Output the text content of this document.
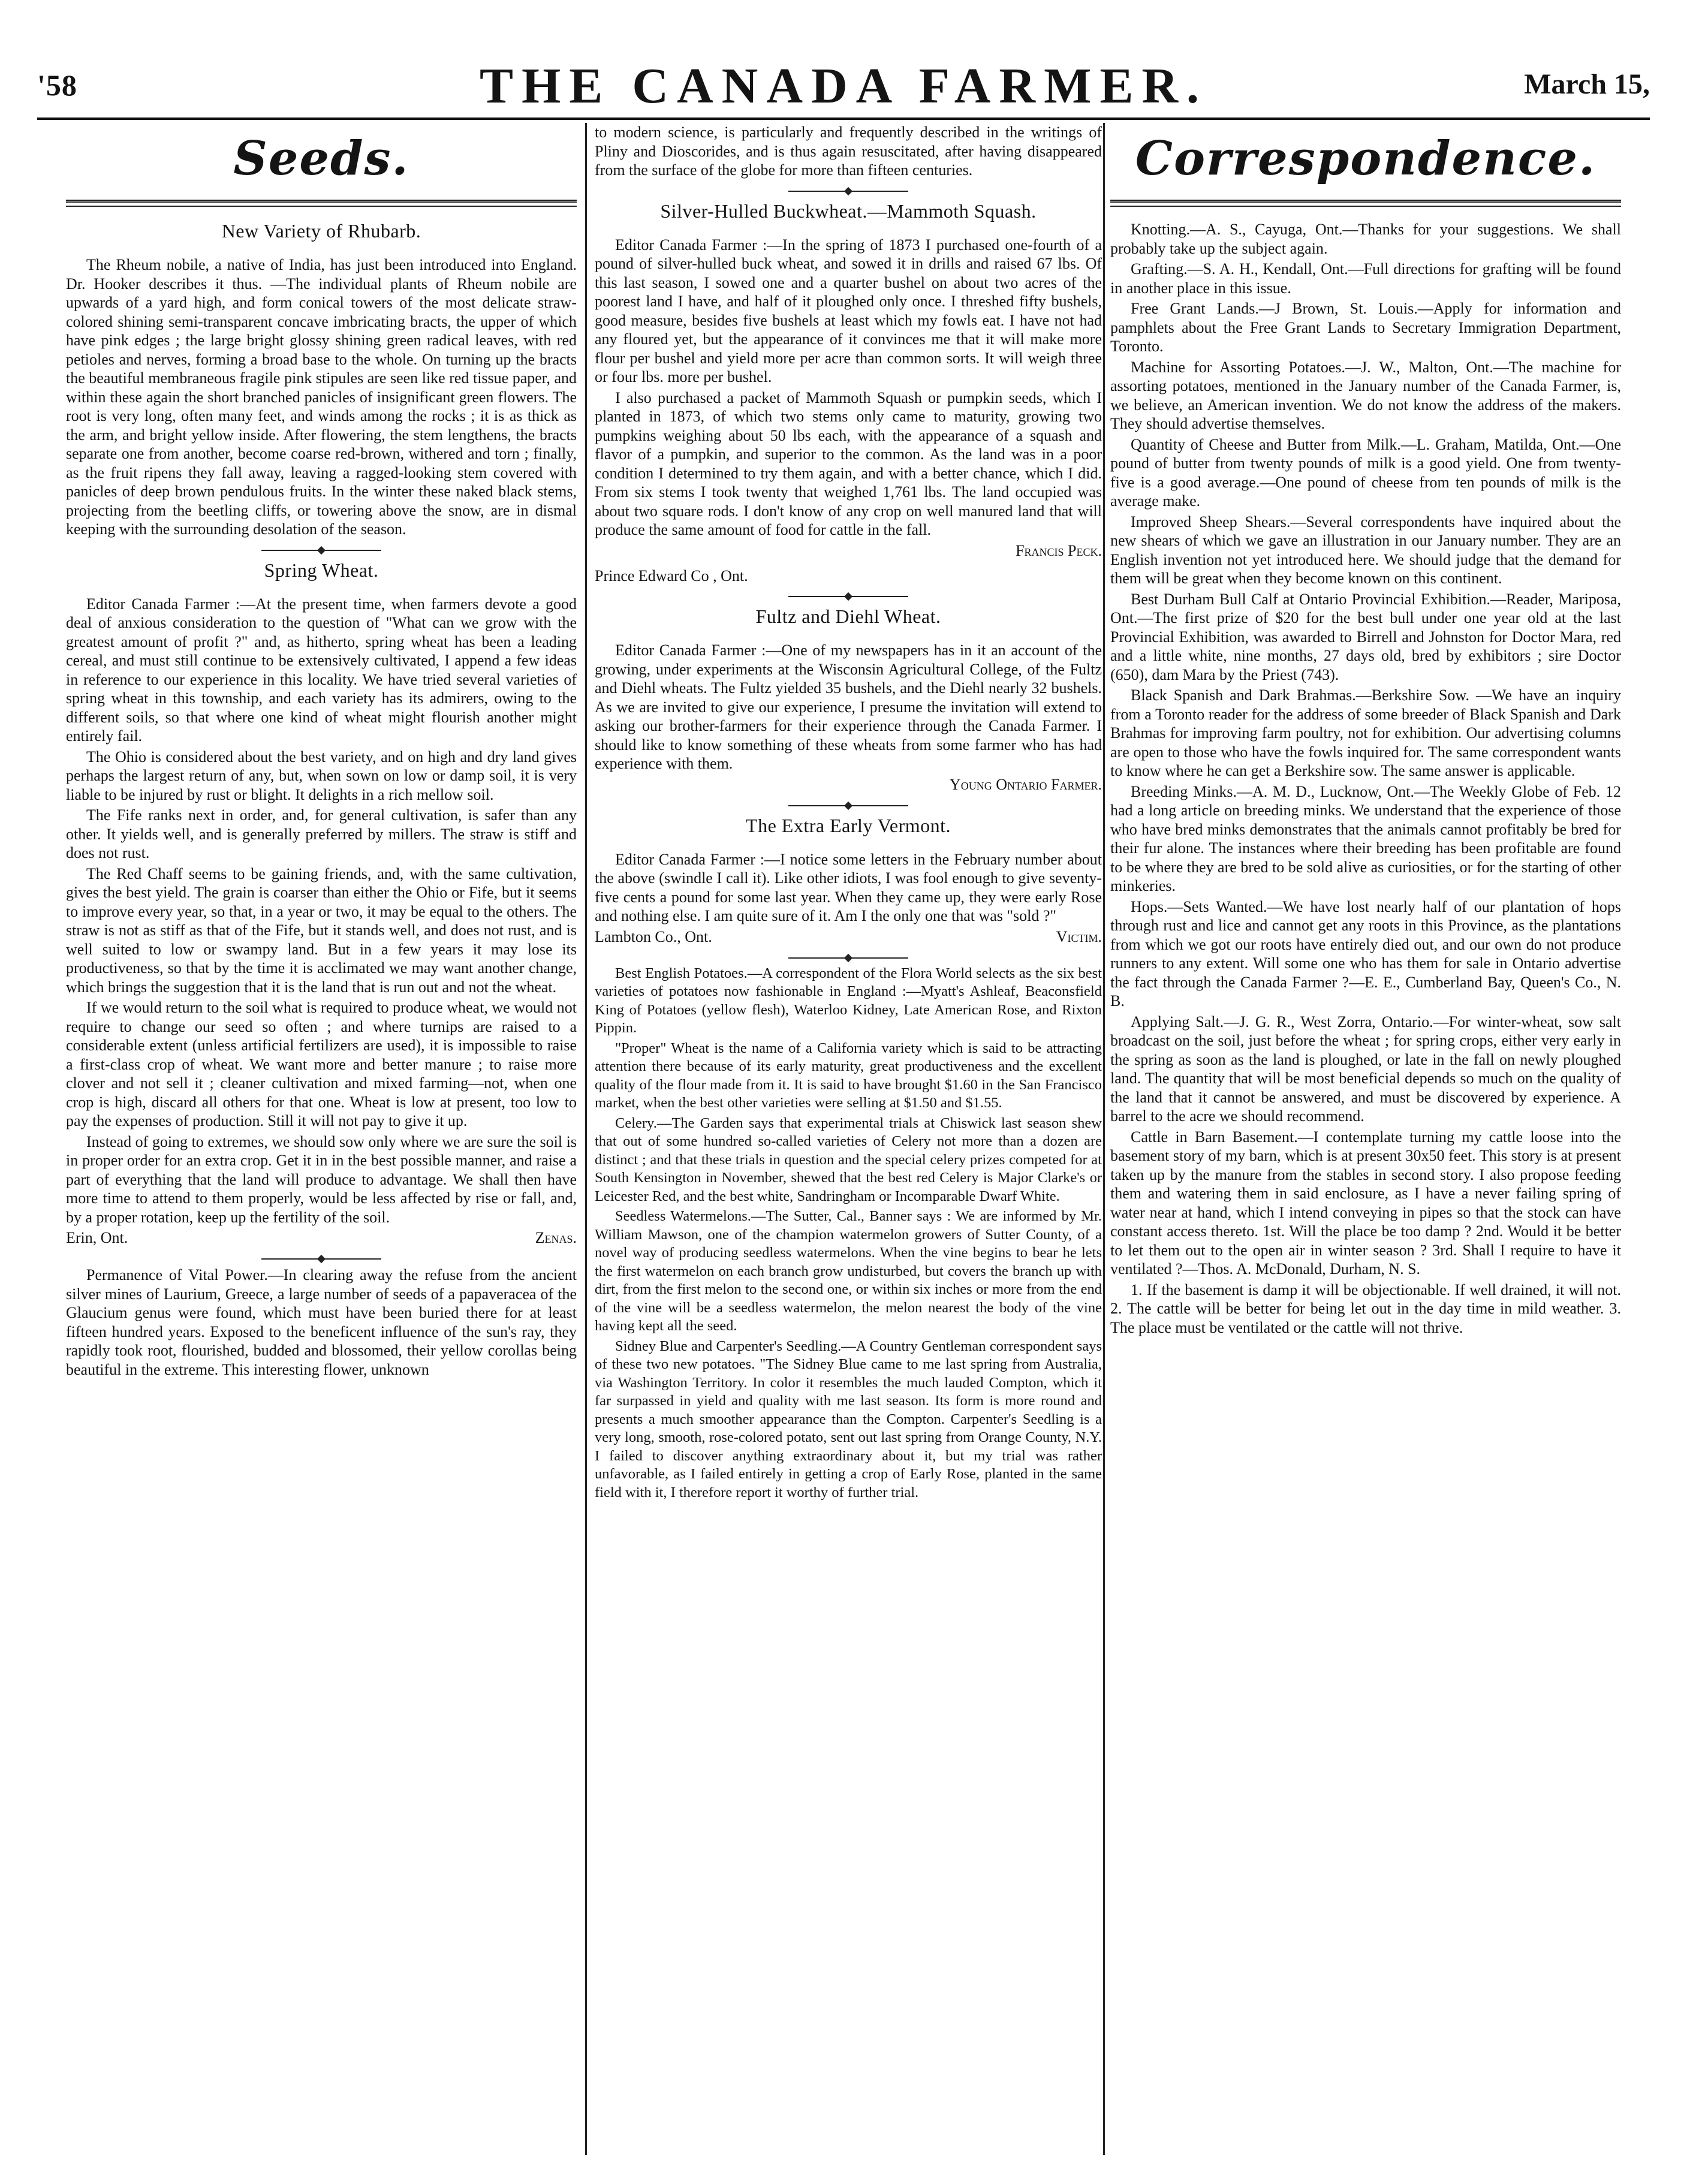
'58	THE CANADA FARMER.	March 15,
Seeds.
New Variety of Rhubarb.

The Rheum nobile, a native of India, has just been introduced into England. Dr. Hooker describes it thus. —The individual plants of Rheum nobile are upwards of a yard high, and form conical towers of the most delicate straw-colored shining semi-transparent concave imbricating bracts, the upper of which have pink edges ; the large bright glossy shining green radical leaves, with red petioles and nerves, forming a broad base to the whole. On turning up the bracts the beautiful membraneous fragile pink stipules are seen like red tissue paper, and within these again the short branched panicles of insignificant green flowers. The root is very long, often many feet, and winds among the rocks ; it is as thick as the arm, and bright yellow inside. After flowering, the stem lengthens, the bracts separate one from another, become coarse red-brown, withered and torn ; finally, as the fruit ripens they fall away, leaving a ragged-looking stem covered with panicles of deep brown pendulous fruits. In the winter these naked black stems, projecting from the beetling cliffs, or towering above the snow, are in dismal keeping with the surrounding desolation of the season.

Spring Wheat.

Editor Canada Farmer :—At the present time, when farmers devote a good deal of anxious consideration to the question of "What can we grow with the greatest amount of profit ?" and, as hitherto, spring wheat has been a leading cereal, and must still continue to be extensively cultivated, I append a few ideas in reference to our experience in this locality. We have tried several varieties of spring wheat in this township, and each variety has its admirers, owing to the different soils, so that where one kind of wheat might flourish another might entirely fail.

The Ohio is considered about the best variety, and on high and dry land gives perhaps the largest return of any, but, when sown on low or damp soil, it is very liable to be injured by rust or blight. It delights in a rich mellow soil.

The Fife ranks next in order, and, for general cultivation, is safer than any other. It yields well, and is generally preferred by millers. The straw is stiff and does not rust.

The Red Chaff seems to be gaining friends, and, with the same cultivation, gives the best yield. The grain is coarser than either the Ohio or Fife, but it seems to improve every year, so that, in a year or two, it may be equal to the others. The straw is not as stiff as that of the Fife, but it stands well, and does not rust, and is well suited to low or swampy land. But in a few years it may lose its productiveness, so that by the time it is acclimated we may want another change, which brings the suggestion that it is the land that is run out and not the wheat.

If we would return to the soil what is required to produce wheat, we would not require to change our seed so often ; and where turnips are raised to a considerable extent (unless artificial fertilizers are used), it is impossible to raise a first-class crop of wheat. We want more and better manure ; to raise more clover and not sell it ; cleaner cultivation and mixed farming—not, when one crop is high, discard all others for that one. Wheat is low at present, too low to pay the expenses of production. Still it will not pay to give it up.

Instead of going to extremes, we should sow only where we are sure the soil is in proper order for an extra crop. Get it in in the best possible manner, and raise a part of everything that the land will produce to advantage. We shall then have more time to attend to them properly, would be less affected by rise or fall, and, by a proper rotation, keep up the fertility of the soil.

Erin, Ont.	Zenas.

Permanence of Vital Power.—In clearing away the refuse from the ancient silver mines of Laurium, Greece, a large number of seeds of a papaveracea of the Glaucium genus were found, which must have been buried there for at least fifteen hundred years. Exposed to the beneficent influence of the sun's ray, they rapidly took root, flourished, budded and blossomed, their yellow corollas being beautiful in the extreme. This interesting flower, unknown

to modern science, is particularly and frequently described in the writings of Pliny and Dioscorides, and is thus again resuscitated, after having disappeared from the surface of the globe for more than fifteen centuries.

Silver-Hulled Buckwheat.—Mammoth Squash.

Editor Canada Farmer :—In the spring of 1873 I purchased one-fourth of a pound of silver-hulled buck wheat, and sowed it in drills and raised 67 lbs. Of this last season, I sowed one and a quarter bushel on about two acres of the poorest land I have, and half of it ploughed only once. I threshed fifty bushels, good measure, besides five bushels at least which my fowls eat. I have not had any floured yet, but the appearance of it convinces me that it will make more flour per bushel and yield more per acre than common sorts. It will weigh three or four lbs. more per bushel.

I also purchased a packet of Mammoth Squash or pumpkin seeds, which I planted in 1873, of which two stems only came to maturity, growing two pumpkins weighing about 50 lbs each, with the appearance of a squash and flavor of a pumpkin, and superior to the common. As the land was in a poor condition I determined to try them again, and with a better chance, which I did. From six stems I took twenty that weighed 1,761 lbs. The land occupied was about two square rods. I don't know of any crop on well manured land that will produce the same amount of food for cattle in the fall.

Francis Peck.

Prince Edward Co , Ont.

Fultz and Diehl Wheat.

Editor Canada Farmer :—One of my newspapers has in it an account of the growing, under experiments at the Wisconsin Agricultural College, of the Fultz and Diehl wheats. The Fultz yielded 35 bushels, and the Diehl nearly 32 bushels. As we are invited to give our experience, I presume the invitation will extend to asking our brother-farmers for their experience through the Canada Farmer. I should like to know something of these wheats from some farmer who has had experience with them.

Young Ontario Farmer.
The Extra Early Vermont.

Editor Canada Farmer :—I notice some letters in the February number about the above (swindle I call it). Like other idiots, I was fool enough to give seventy-five cents a pound for some last year. When they came up, they were early Rose and nothing else. I am quite sure of it. Am I the only one that was "sold ?"

Lambton Co., Ont.	Victim.

Best English Potatoes.—A correspondent of the Flora World selects as the six best varieties of potatoes now fashionable in England :—Myatt's Ashleaf, Beaconsfield King of Potatoes (yellow flesh), Waterloo Kidney, Late American Rose, and Rixton Pippin.

"Proper" Wheat is the name of a California variety which is said to be attracting attention there because of its early maturity, great productiveness and the excellent quality of the flour made from it. It is said to have brought $1.60 in the San Francisco market, when the best other varieties were selling at $1.50 and $1.55.

Celery.—The Garden says that experimental trials at Chiswick last season shew that out of some hundred so-called varieties of Celery not more than a dozen are distinct ; and that these trials in question and the special celery prizes competed for at South Kensington in November, shewed that the best red Celery is Major Clarke's or Leicester Red, and the best white, Sandringham or Incomparable Dwarf White.

Seedless Watermelons.—The Sutter, Cal., Banner says : We are informed by Mr. William Mawson, one of the champion watermelon growers of Sutter County, of a novel way of producing seedless watermelons. When the vine begins to bear he lets the first watermelon on each branch grow undisturbed, but covers the branch up with dirt, from the first melon to the second one, or within six inches or more from the end of the vine will be a seedless watermelon, the melon nearest the body of the vine having kept all the seed.

Sidney Blue and Carpenter's Seedling.—A Country Gentleman correspondent says of these two new potatoes. "The Sidney Blue came to me last spring from Australia, via Washington Territory. In color it resembles the much lauded Compton, which it far surpassed in yield and quality with me last season. Its form is more round and presents a much smoother appearance than the Compton. Carpenter's Seedling is a very long, smooth, rose-colored potato, sent out last spring from Orange County, N.Y. I failed to discover anything extraordinary about it, but my trial was rather unfavorable, as I failed entirely in getting a crop of Early Rose, planted in the same field with it, I therefore report it worthy of further trial.

Correspondence.

Knotting.—A. S., Cayuga, Ont.—Thanks for your suggestions. We shall probably take up the subject again.

Grafting.—S. A. H., Kendall, Ont.—Full directions for grafting will be found in another place in this issue.

Free Grant Lands.—J Brown, St. Louis.—Apply for information and pamphlets about the Free Grant Lands to Secretary Immigration Department, Toronto.

Machine for Assorting Potatoes.—J. W., Malton, Ont.—The machine for assorting potatoes, mentioned in the January number of the Canada Farmer, is, we believe, an American invention. We do not know the address of the makers. They should advertise themselves.

Quantity of Cheese and Butter from Milk.—L. Graham, Matilda, Ont.—One pound of butter from twenty pounds of milk is a good yield. One from twenty-five is a good average.—One pound of cheese from ten pounds of milk is the average make.

Improved Sheep Shears.—Several correspondents have inquired about the new shears of which we gave an illustration in our January number. They are an English invention not yet introduced here. We should judge that the demand for them will be great when they become known on this continent.

Best Durham Bull Calf at Ontario Provincial Exhibition.—Reader, Mariposa, Ont.—The first prize of $20 for the best bull under one year old at the last Provincial Exhibition, was awarded to Birrell and Johnston for Doctor Mara, red and a little white, nine months, 27 days old, bred by exhibitors ; sire Doctor (650), dam Mara by the Priest (743).

Black Spanish and Dark Brahmas.—Berkshire Sow. —We have an inquiry from a Toronto reader for the address of some breeder of Black Spanish and Dark Brahmas for improving farm poultry, not for exhibition. Our advertising columns are open to those who have the fowls inquired for. The same correspondent wants to know where he can get a Berkshire sow. The same answer is applicable.

Breeding Minks.—A. M. D., Lucknow, Ont.—The Weekly Globe of Feb. 12 had a long article on breeding minks. We understand that the experience of those who have bred minks demonstrates that the animals cannot profitably be bred for their fur alone. The instances where their breeding has been profitable are found to be where they are bred to be sold alive as curiosities, or for the starting of other minkeries.

Hops.—Sets Wanted.—We have lost nearly half of our plantation of hops through rust and lice and cannot get any roots in this Province, as the plantations from which we got our roots have entirely died out, and our own do not produce runners to any extent. Will some one who has them for sale in Ontario advertise the fact through the Canada Farmer ?—E. E., Cumberland Bay, Queen's Co., N. B.

Applying Salt.—J. G. R., West Zorra, Ontario.—For winter-wheat, sow salt broadcast on the soil, just before the wheat ; for spring crops, either very early in the spring as soon as the land is ploughed, or late in the fall on newly ploughed land. The quantity that will be most beneficial depends so much on the quality of the land that it cannot be answered, and must be discovered by experience. A barrel to the acre we should recommend.

Cattle in Barn Basement.—I contemplate turning my cattle loose into the basement story of my barn, which is at present 30x50 feet. This story is at present taken up by the manure from the stables in second story. I also propose feeding them and watering them in said enclosure, as I have a never failing spring of water near at hand, which I intend conveying in pipes so that the stock can have constant access thereto. 1st. Will the place be too damp ? 2nd. Would it be better to let them out to the open air in winter season ? 3rd. Shall I require to have it ventilated ?—Thos. A. McDonald, Durham, N. S.

1. If the basement is damp it will be objectionable. If well drained, it will not. 2. The cattle will be better for being let out in the day time in mild weather. 3. The place must be ventilated or the cattle will not thrive.
